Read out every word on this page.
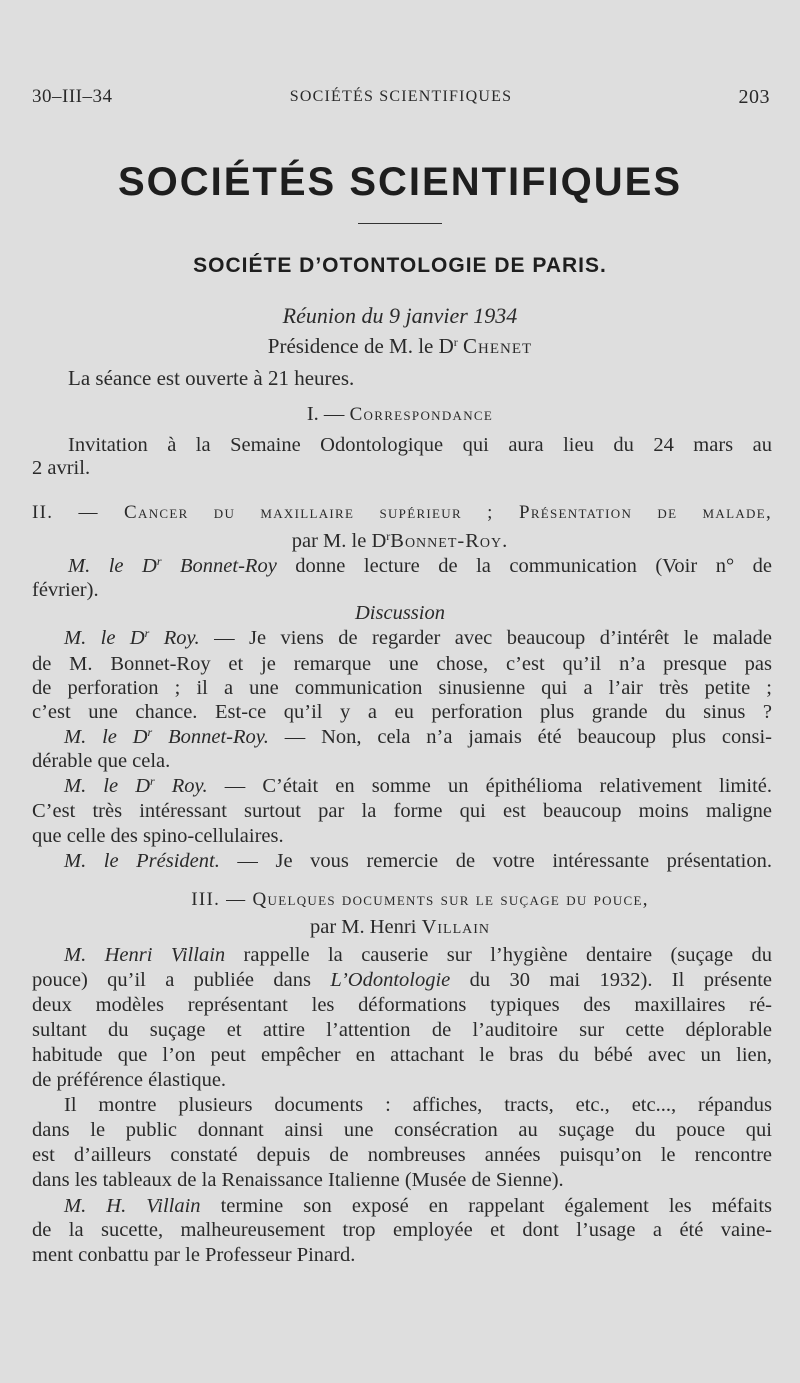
30–III–34	SOCIÉTÉS SCIENTIFIQUES	203
SOCIÉTÉS SCIENTIFIQUES
SOCIÉTE D’OTONTOLOGIE DE PARIS.
Réunion du 9 janvier 1934
Présidence de M. le $D^r$ Chenet
La séance est ouverte à 21 heures.
I. — Correspondance
Invitation à la Semaine Odontologique qui aura lieu du 24 mars au
2 avril.
II. — Cancer du maxillaire supérieur ; Présentation de malade,
par M. le $D^rBonnet$-Roy.
M. le $D^r$ Bonnet-Roy donne lecture de la communication (Voir n° de
février).
Discussion
M. le $D^r$ Roy. — Je viens de regarder avec beaucoup d’intérêt le malade
de M. Bonnet-Roy et je remarque une chose, c’est qu’il n’a presque pas
de perforation ; il a une communication sinusienne qui a l’air très petite ;
c’est une chance. Est-ce qu’il y a eu perforation plus grande du sinus ?
M. le $D^r$ Bonnet-Roy. — Non, cela n’a jamais été beaucoup plus consi-
dérable que cela.
M. le $D^r$ Roy. — C’était en somme un épithélioma relativement limité.
C’est très intéressant surtout par la forme qui est beaucoup moins maligne
que celle des spino-cellulaires.
M. le Président. — Je vous remercie de votre intéressante présentation.
III. — Quelques documents sur le suçage du pouce,
par M. Henri Villain
M. Henri Villain rappelle la causerie sur l’hygiène dentaire (suçage du
pouce) qu’il a publiée dans L’Odontologie du 30 mai 1932). Il présente
deux modèles représentant les déformations typiques des maxillaires ré-
sultant du suçage et attire l’attention de l’auditoire sur cette déplorable
habitude que l’on peut empêcher en attachant le bras du bébé avec un lien,
de préférence élastique.
Il montre plusieurs documents : affiches, tracts, etc., etc..., répandus
dans le public donnant ainsi une consécration au suçage du pouce qui
est d’ailleurs constaté depuis de nombreuses années puisqu’on le rencontre
dans les tableaux de la Renaissance Italienne (Musée de Sienne).
M. H. Villain termine son exposé en rappelant également les méfaits
de la sucette, malheureusement trop employée et dont l’usage a été vaine-
ment conbattu par le Professeur Pinard.
